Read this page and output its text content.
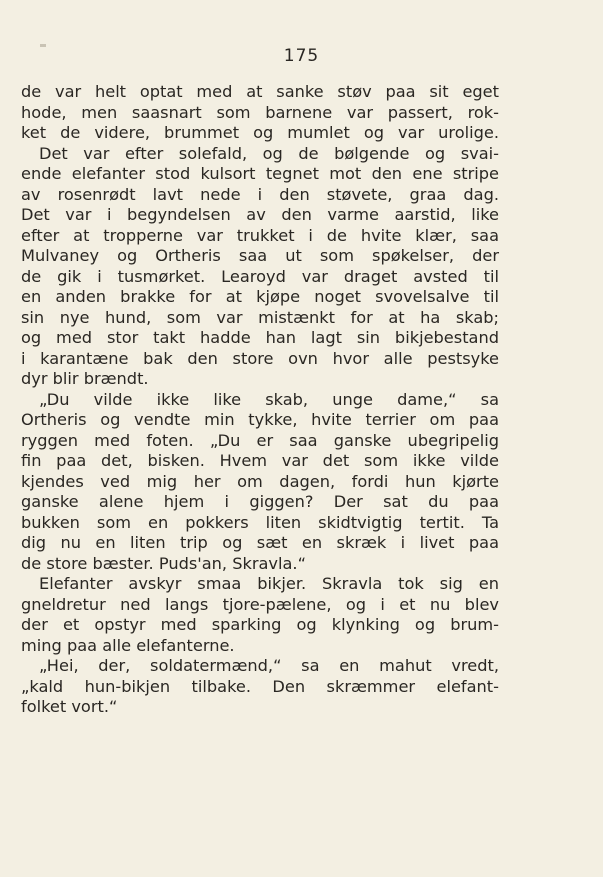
175
de var helt optat med at sanke støv paa sit eget
hode, men saasnart som barnene var passert, rok-
ket de videre, brummet og mumlet og var urolige.
Det var efter solefald, og de bølgende og svai-
ende elefanter stod kulsort tegnet mot den ene stripe
av rosenrødt lavt nede i den støvete, graa dag.
Det var i begyndelsen av den varme aarstid, like
efter at tropperne var trukket i de hvite klær, saa
Mulvaney og Ortheris saa ut som spøkelser, der
de gik i tusmørket. Learoyd var draget avsted til
en anden brakke for at kjøpe noget svovelsalve til
sin nye hund, som var mistænkt for at ha skab;
og med stor takt hadde han lagt sin bikjebestand
i karantæne bak den store ovn hvor alle pestsyke
dyr blir brændt.
„Du vilde ikke like skab, unge dame,“ sa
Ortheris og vendte min tykke, hvite terrier om paa
ryggen med foten. „Du er saa ganske ubegripelig
fin paa det, bisken. Hvem var det som ikke vilde
kjendes ved mig her om dagen, fordi hun kjørte
ganske alene hjem i giggen? Der sat du paa
bukken som en pokkers liten skidtvigtig tertit. Ta
dig nu en liten trip og sæt en skræk i livet paa
de store bæster. Puds'an, Skravla.“
Elefanter avskyr smaa bikjer. Skravla tok sig en
gneldretur ned langs tjore-pælene, og i et nu blev
der et opstyr med sparking og klynking og brum-
ming paa alle elefanterne.
„Hei, der, soldatermænd,“ sa en mahut vredt,
„kald hun-bikjen tilbake. Den skræmmer elefant-
folket vort.“
